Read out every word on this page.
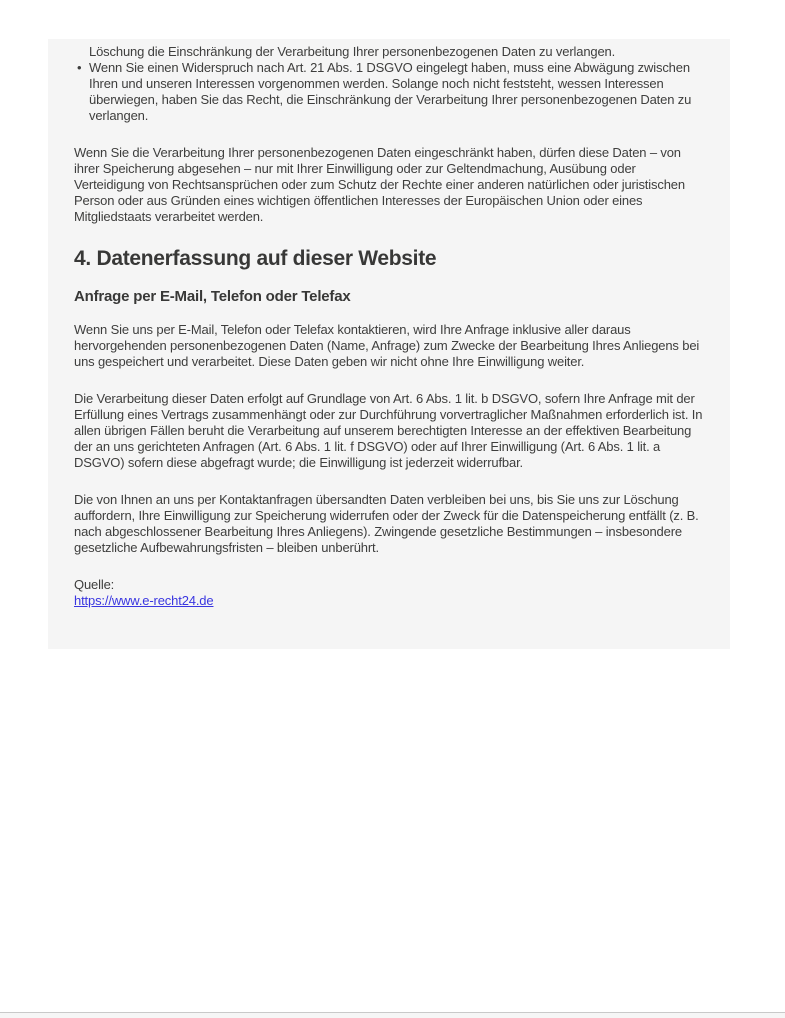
Löschung die Einschränkung der Verarbeitung Ihrer personenbezogenen Daten zu verlangen.
• Wenn Sie einen Widerspruch nach Art. 21 Abs. 1 DSGVO eingelegt haben, muss eine Abwägung zwischen Ihren und unseren Interessen vorgenommen werden. Solange noch nicht feststeht, wessen Interessen überwiegen, haben Sie das Recht, die Einschränkung der Verarbeitung Ihrer personenbezogenen Daten zu verlangen.

Wenn Sie die Verarbeitung Ihrer personenbezogenen Daten eingeschränkt haben, dürfen diese Daten – von ihrer Speicherung abgesehen – nur mit Ihrer Einwilligung oder zur Geltendmachung, Ausübung oder Verteidigung von Rechtsansprüchen oder zum Schutz der Rechte einer anderen natürlichen oder juristischen Person oder aus Gründen eines wichtigen öffentlichen Interesses der Europäischen Union oder eines Mitgliedstaats verarbeitet werden.

4. Datenerfassung auf dieser Website
Anfrage per E-Mail, Telefon oder Telefax

Wenn Sie uns per E-Mail, Telefon oder Telefax kontaktieren, wird Ihre Anfrage inklusive aller daraus hervorgehenden personenbezogenen Daten (Name, Anfrage) zum Zwecke der Bearbeitung Ihres Anliegens bei uns gespeichert und verarbeitet. Diese Daten geben wir nicht ohne Ihre Einwilligung weiter.

Die Verarbeitung dieser Daten erfolgt auf Grundlage von Art. 6 Abs. 1 lit. b DSGVO, sofern Ihre Anfrage mit der Erfüllung eines Vertrags zusammenhängt oder zur Durchführung vorvertraglicher Maßnahmen erforderlich ist. In allen übrigen Fällen beruht die Verarbeitung auf unserem berechtigten Interesse an der effektiven Bearbeitung der an uns gerichteten Anfragen (Art. 6 Abs. 1 lit. f DSGVO) oder auf Ihrer Einwilligung (Art. 6 Abs. 1 lit. a DSGVO) sofern diese abgefragt wurde; die Einwilligung ist jederzeit widerrufbar.

Die von Ihnen an uns per Kontaktanfragen übersandten Daten verbleiben bei uns, bis Sie uns zur Löschung auffordern, Ihre Einwilligung zur Speicherung widerrufen oder der Zweck für die Datenspeicherung entfällt (z. B. nach abgeschlossener Bearbeitung Ihres Anliegens). Zwingende gesetzliche Bestimmungen – insbesondere gesetzliche Aufbewahrungsfristen – bleiben unberührt.

Quelle:
https://www.e-recht24.de
